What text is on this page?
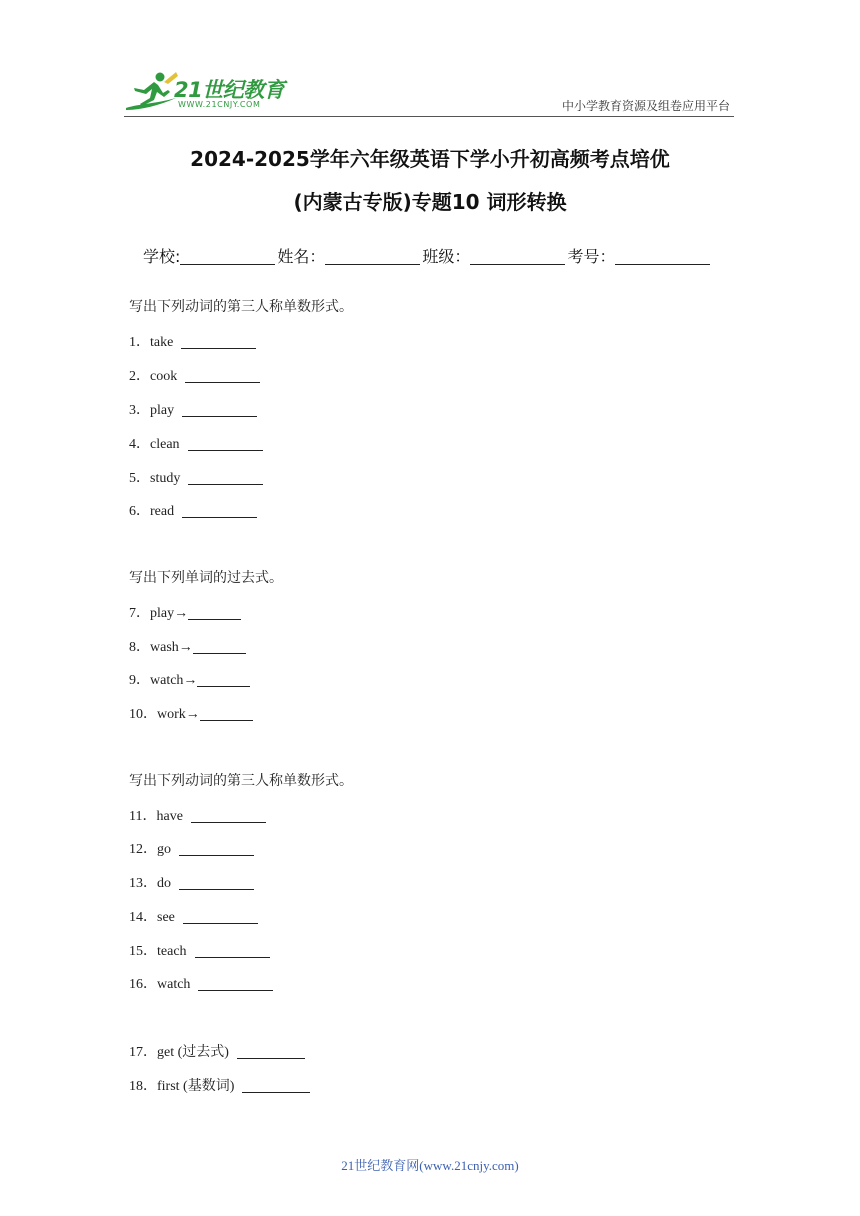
21世纪教育
WWW.21CNJY.COM	中小学教育资源及组卷应用平台
2024-2025学年六年级英语下学小升初高频考点培优
(内蒙古专版)专题10 词形转换
学校:	姓名：	班级：	考号：
写出下列动词的第三人称单数形式。
1．take
2．cook
3．play
4．clean
5．study
6．read
写出下列单词的过去式。
7．play→
8．wash→
9．watch→
10．work→
写出下列动词的第三人称单数形式。
11．have
12．go
13．do
14．see
15．teach
16．watch
17．get (过去式)
18．first (基数词)
21世纪教育网(www.21cnjy.com)
